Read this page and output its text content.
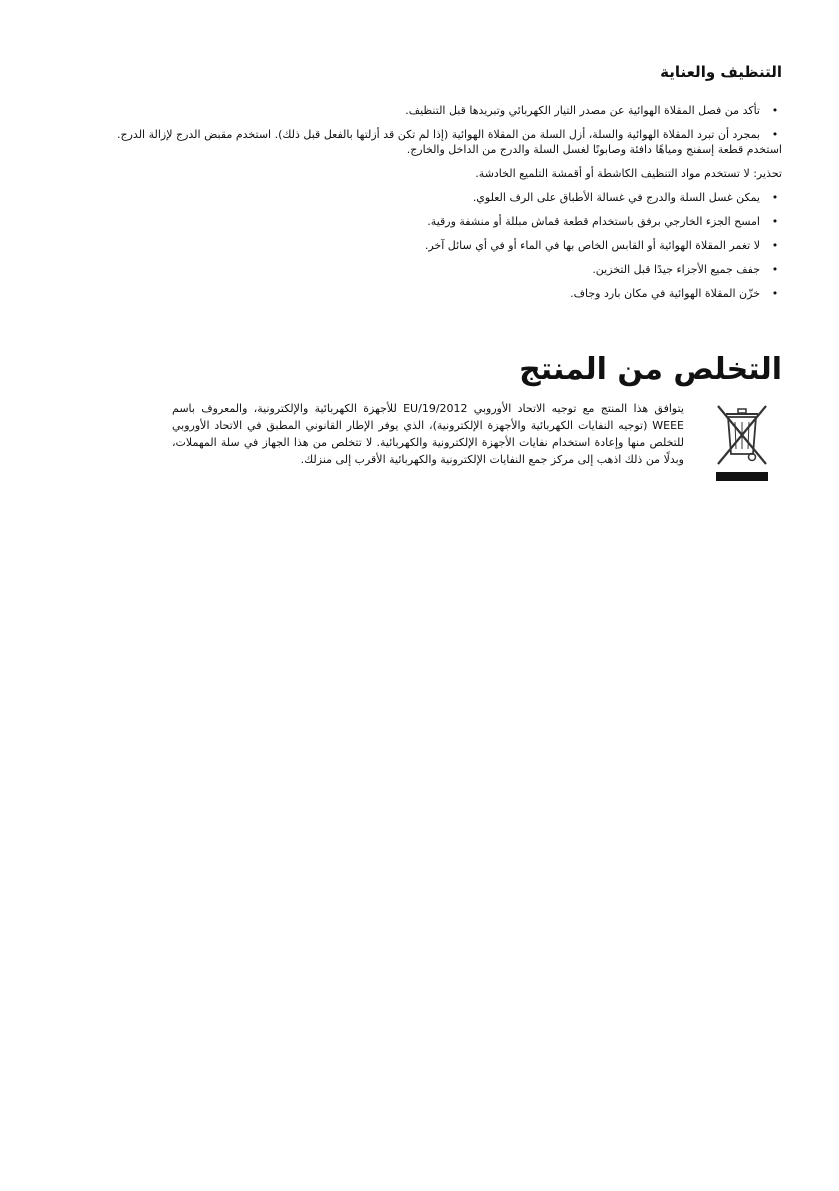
التنظيف والعناية
•
تأكد من فصل المقلاة الهوائية عن مصدر التيار الكهربائي وتبريدها قبل التنظيف.
•
بمجرد أن تبرد المقلاة الهوائية والسلة، أزل السلة من المقلاة الهوائية (إذا لم تكن قد أزلتها بالفعل قبل ذلك). استخدم مقبض الدرج لإزالة الدرج.
استخدم قطعة إسفنج ومياهًا دافئة وصابونًا لغسل السلة والدرج من الداخل والخارج.
تحذير: لا تستخدم مواد التنظيف الكاشطة أو أقمشة التلميع الخادشة.
•
يمكن غسل السلة والدرج في غسالة الأطباق على الرف العلوي.
•
امسح الجزء الخارجي برفق باستخدام قطعة قماش مبللة أو منشفة ورقية.
•
لا تغمر المقلاة الهوائية أو القابس الخاص بها في الماء أو في أي سائل آخر.
•
جفف جميع الأجزاء جيدًا قبل التخزين.
•
خزّن المقلاة الهوائية في مكان بارد وجاف.
التخلص من المنتج

يتوافق هذا المنتج مع توجيه الاتحاد الأوروبي EU/19/2012 للأجهزة الكهربائية والإلكترونية، والمعروف باسم WEEE (توجيه النفايات الكهربائية والأجهزة الإلكترونية)، الذي يوفر الإطار القانوني المطبق في الاتحاد الأوروبي للتخلص منها وإعادة استخدام نفايات الأجهزة الإلكترونية والكهربائية. لا تتخلص من هذا الجهاز في سلة المهملات، وبدلًا من ذلك اذهب إلى مركز جمع النفايات الإلكترونية والكهربائية الأقرب إلى منزلك.
